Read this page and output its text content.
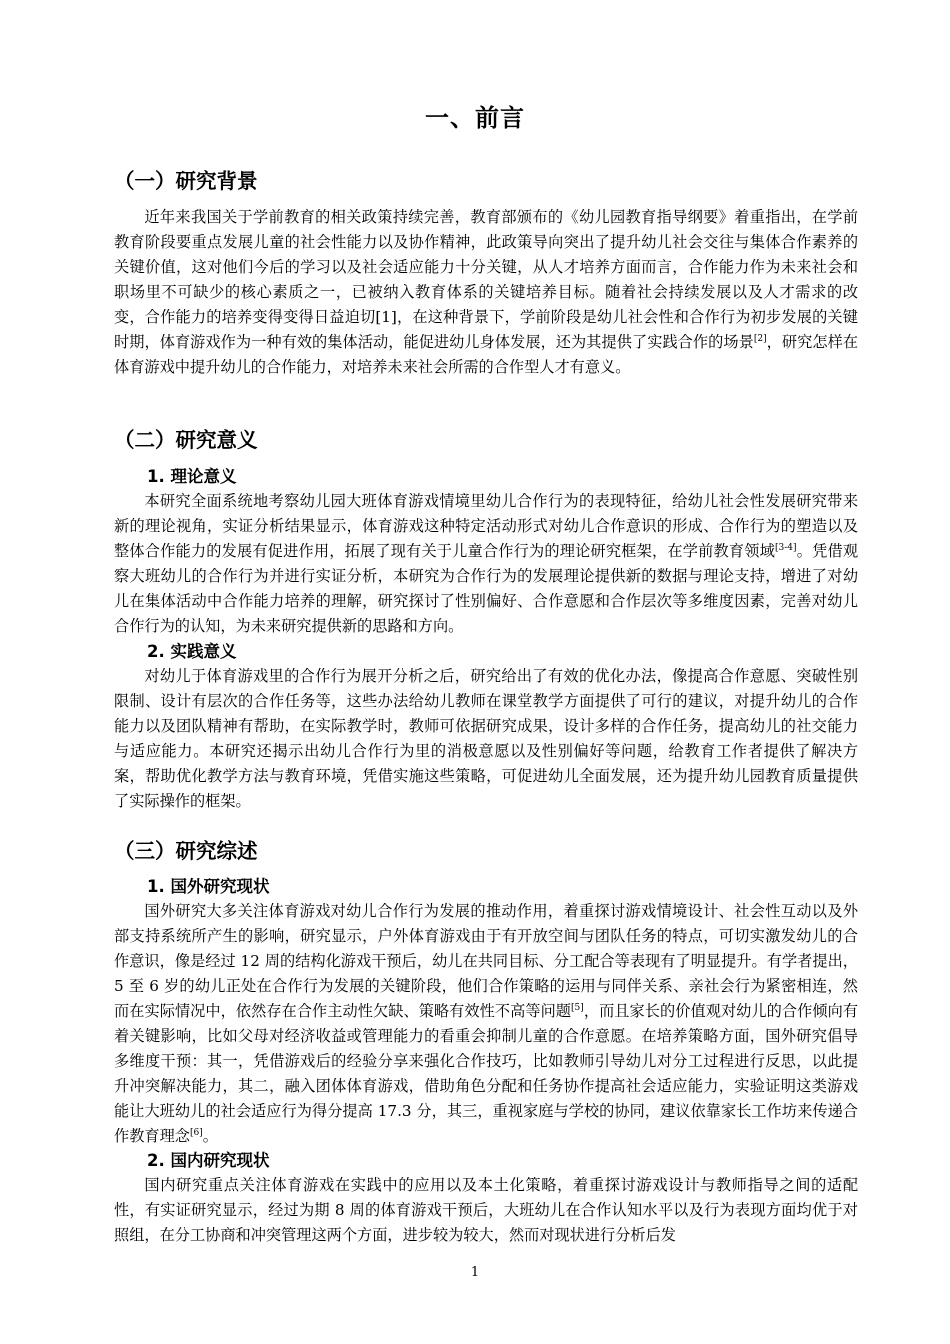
一、前言
（一）研究背景
近年来我国关于学前教育的相关政策持续完善，教育部颁布的《幼儿园教育指导纲要》着重指出，在学前教育阶段要重点发展儿童的社会性能力以及协作精神，此政策导向突出了提升幼儿社会交往与集体合作素养的关键价值，这对他们今后的学习以及社会适应能力十分关键，从人才培养方面而言，合作能力作为未来社会和职场里不可缺少的核心素质之一，已被纳入教育体系的关键培养目标。随着社会持续发展以及人才需求的改变，合作能力的培养变得变得日益迫切[1]，在这种背景下，学前阶段是幼儿社会性和合作行为初步发展的关键时期，体育游戏作为一种有效的集体活动，能促进幼儿身体发展，还为其提供了实践合作的场景[2]，研究怎样在体育游戏中提升幼儿的合作能力，对培养未来社会所需的合作型人才有意义。
（二）研究意义
1. 理论意义
本研究全面系统地考察幼儿园大班体育游戏情境里幼儿合作行为的表现特征，给幼儿社会性发展研究带来新的理论视角，实证分析结果显示，体育游戏这种特定活动形式对幼儿合作意识的形成、合作行为的塑造以及整体合作能力的发展有促进作用，拓展了现有关于儿童合作行为的理论研究框架，在学前教育领域[3-4]。凭借观察大班幼儿的合作行为并进行实证分析，本研究为合作行为的发展理论提供新的数据与理论支持，增进了对幼儿在集体活动中合作能力培养的理解，研究探讨了性别偏好、合作意愿和合作层次等多维度因素，完善对幼儿合作行为的认知，为未来研究提供新的思路和方向。
2. 实践意义
对幼儿于体育游戏里的合作行为展开分析之后，研究给出了有效的优化办法，像提高合作意愿、突破性别限制、设计有层次的合作任务等，这些办法给幼儿教师在课堂教学方面提供了可行的建议，对提升幼儿的合作能力以及团队精神有帮助，在实际教学时，教师可依据研究成果，设计多样的合作任务，提高幼儿的社交能力与适应能力。本研究还揭示出幼儿合作行为里的消极意愿以及性别偏好等问题，给教育工作者提供了解决方案，帮助优化教学方法与教育环境，凭借实施这些策略，可促进幼儿全面发展，还为提升幼儿园教育质量提供了实际操作的框架。
（三）研究综述
1. 国外研究现状
国外研究大多关注体育游戏对幼儿合作行为发展的推动作用，着重探讨游戏情境设计、社会性互动以及外部支持系统所产生的影响，研究显示，户外体育游戏由于有开放空间与团队任务的特点，可切实激发幼儿的合作意识，像是经过 12 周的结构化游戏干预后，幼儿在共同目标、分工配合等表现有了明显提升。有学者提出，5 至 6 岁的幼儿正处在合作行为发展的关键阶段，他们合作策略的运用与同伴关系、亲社会行为紧密相连，然而在实际情况中，依然存在合作主动性欠缺、策略有效性不高等问题[5]，而且家长的价值观对幼儿的合作倾向有着关键影响，比如父母对经济收益或管理能力的看重会抑制儿童的合作意愿。在培养策略方面，国外研究倡导多维度干预：其一，凭借游戏后的经验分享来强化合作技巧，比如教师引导幼儿对分工过程进行反思，以此提升冲突解决能力，其二，融入团体体育游戏，借助角色分配和任务协作提高社会适应能力，实验证明这类游戏能让大班幼儿的社会适应行为得分提高 17.3 分，其三，重视家庭与学校的协同，建议依靠家长工作坊来传递合作教育理念[6]。
2. 国内研究现状
国内研究重点关注体育游戏在实践中的应用以及本土化策略，着重探讨游戏设计与教师指导之间的适配性，有实证研究显示，经过为期 8 周的体育游戏干预后，大班幼儿在合作认知水平以及行为表现方面均优于对照组，在分工协商和冲突管理这两个方面，进步较为较大，然而对现状进行分析后发
1
